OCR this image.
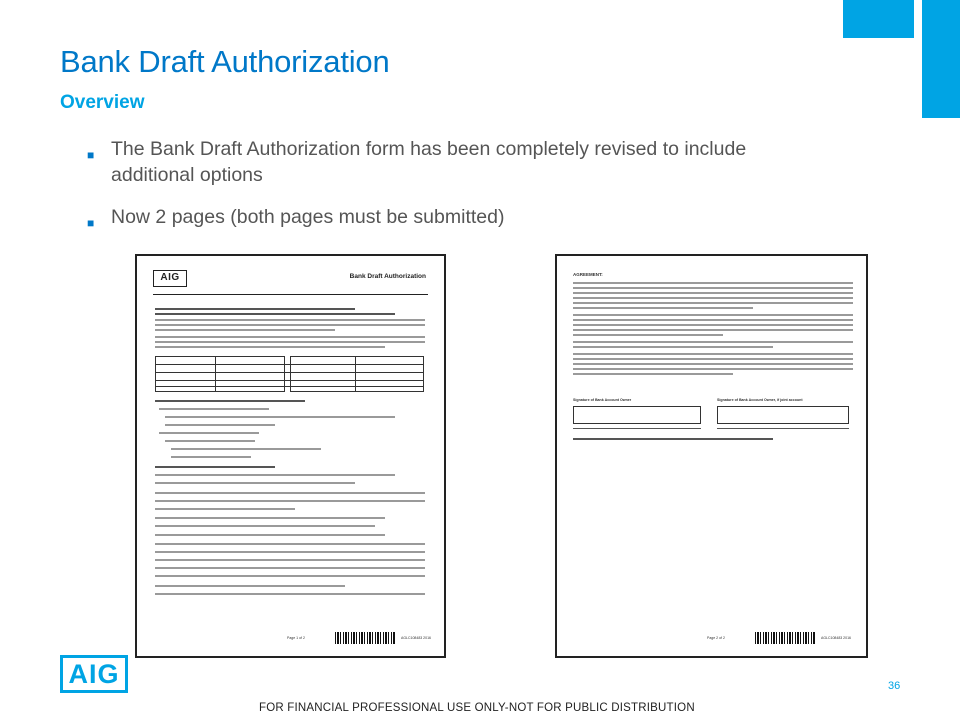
Bank Draft Authorization
Overview
■ The Bank Draft Authorization form has been completely revised to include additional options
■ Now 2 pages (both pages must be submitted)
AIG	Bank Draft Authorization
Page 1 of 2	AGLC108483 2016
AGREEMENT:
Signature of Bank Account Owner	Signature of Bank Account Owner, if joint account
Page 2 of 2	AGLC108483 2016
AIG	36
FOR FINANCIAL PROFESSIONAL USE ONLY-NOT FOR PUBLIC DISTRIBUTION
